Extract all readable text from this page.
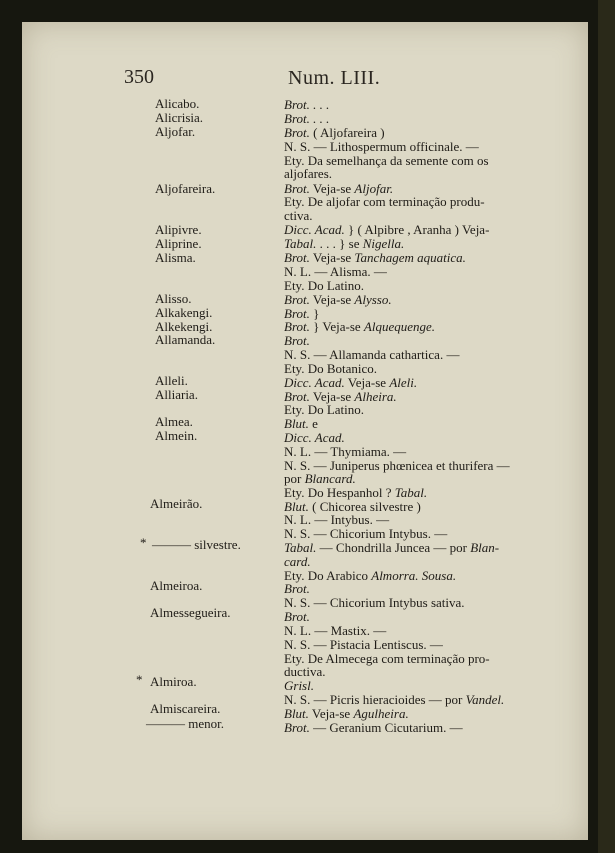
350	Num. LIII.
Alicabo.
Alicrisia.
Aljofar.
Aljofareira.
Alipivre.
Aliprine.
Alisma.
Alisso.
Alkakengi.
Alkekengi.
Allamanda.
Alleli.
Alliaria.
Almea.
Almein.
Almeirão.
——— silvestre.
Almeiroa.
Almessegueira.
Almiroa.
Almiscareira.
——— menor.
*
*
Brot. . . .
Brot. . . .
Brot. ( Aljofareira )
N. S. — Lithospermum officinale. —
Ety. Da semelhança da semente com os
aljofares.
Brot. Veja-se Aljofar.
Ety. De aljofar com terminação produ-
ctiva.
Dicc. Acad. } ( Alpibre , Aranha ) Veja-
Tabal. . . . } se Nigella.
Brot. Veja-se Tanchagem aquatica.
N. L. — Alisma. —
Ety. Do Latino.
Brot. Veja-se Alysso.
Brot. }
Brot. } Veja-se Alquequenge.
Brot.
N. S. — Allamanda cathartica. —
Ety. Do Botanico.
Dicc. Acad. Veja-se Aleli.
Brot. Veja-se Alheira.
Ety. Do Latino.
Blut. e
Dicc. Acad.
N. L. — Thymiama. —
N. S. — Juniperus phœnicea et thurifera —
por Blancard.
Ety. Do Hespanhol ? Tabal.
Blut. ( Chicorea silvestre )
N. L. — Intybus. —
N. S. — Chicorium Intybus. —
Tabal. — Chondrilla Juncea — por Blan-
card.
Ety. Do Arabico Almorra. Sousa.
Brot.
N. S. — Chicorium Intybus sativa.
Brot.
N. L. — Mastix. —
N. S. — Pistacia Lentiscus. —
Ety. De Almecega com terminação pro-
ductiva.
Grisl.
N. S. — Picris hieracioides — por Vandel.
Blut. Veja-se Agulheira.
Brot. — Geranium Cicutarium. —
